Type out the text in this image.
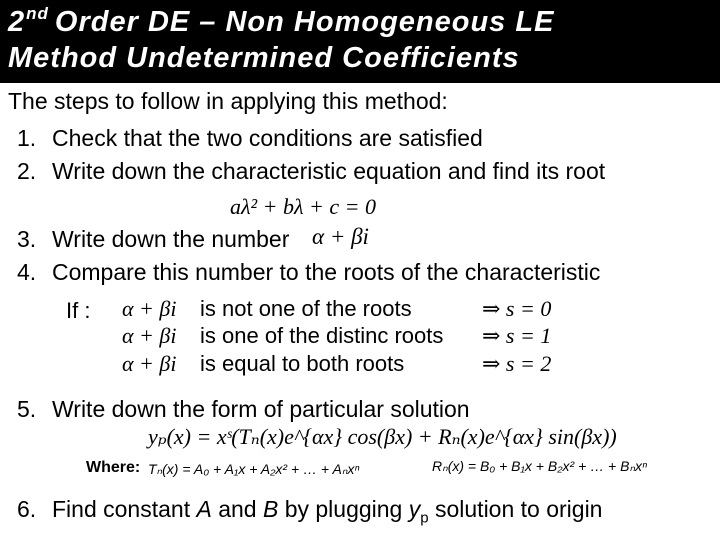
2nd Order DE – Non Homogeneous LE
Method Undetermined Coefficients
The steps to follow in applying this method:
1. Check that the two conditions are satisfied
2. Write down the characteristic equation and find its root
aλ² + bλ + c = 0
3. Write down the number α + βi
4. Compare this number to the roots of the characteristic
If : α + βi is not one of the roots	⇒ s = 0
α + βi is one of the distinc roots ⇒ s = 1
α + βi is equal to both roots	⇒ s = 2
5. Write down the form of particular solution
yₚ(x) = xˢ(Tₙ(x)e^{αx} cos(βx) + Rₙ(x)e^{αx} sin(βx))
Where: Tₙ(x) = A₀ + A₁x + A₂x² + … + Aₙxⁿ	Rₙ(x) = B₀ + B₁x + B₂x² + … + Bₙxⁿ
6. Find constant A and B by plugging $y_p$ solution to origin
